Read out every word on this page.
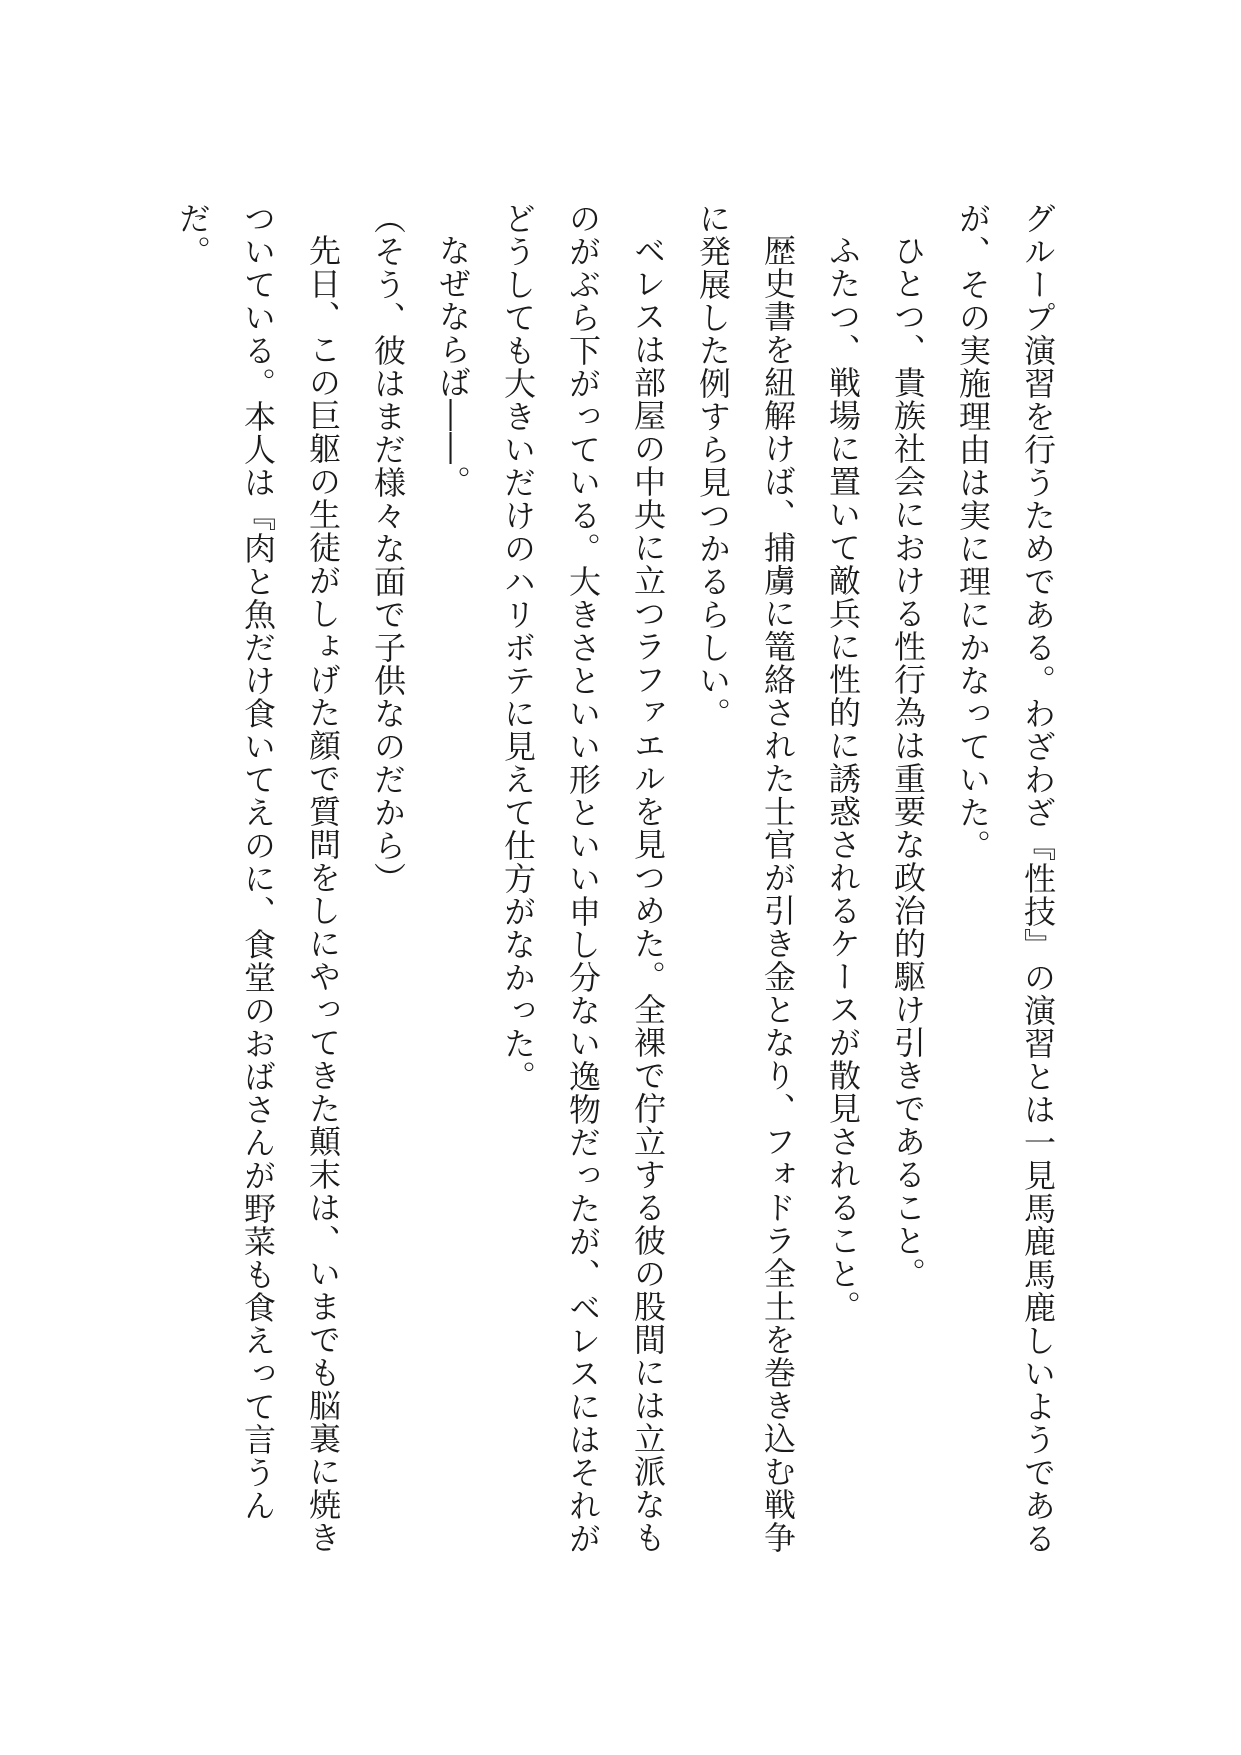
グループ演習を行うためである。わざわざ『性技』の演習とは一見馬鹿馬鹿しいようであるが、その実施理由は実に理にかなっていた。

ひとつ、貴族社会における性行為は重要な政治的駆け引きであること。

ふたつ、戦場に置いて敵兵に性的に誘惑されるケースが散見されること。

歴史書を紐解けば、捕虜に篭絡された士官が引き金となり、フォドラ全土を巻き込む戦争に発展した例すら見つかるらしい。

ベレスは部屋の中央に立つラファエルを見つめた。全裸で佇立する彼の股間には立派なものがぶら下がっている。大きさといい形といい申し分ない逸物だったが、ベレスにはそれがどうしても大きいだけのハリボテに見えて仕方がなかった。

なぜならば――。

（そう、彼はまだ様々な面で子供なのだから）

先日、この巨躯の生徒がしょげた顔で質問をしにやってきた顛末は、いまでも脳裏に焼きついている。本人は『肉と魚だけ食いてえのに、食堂のおばさんが野菜も食えって言うんだ。
